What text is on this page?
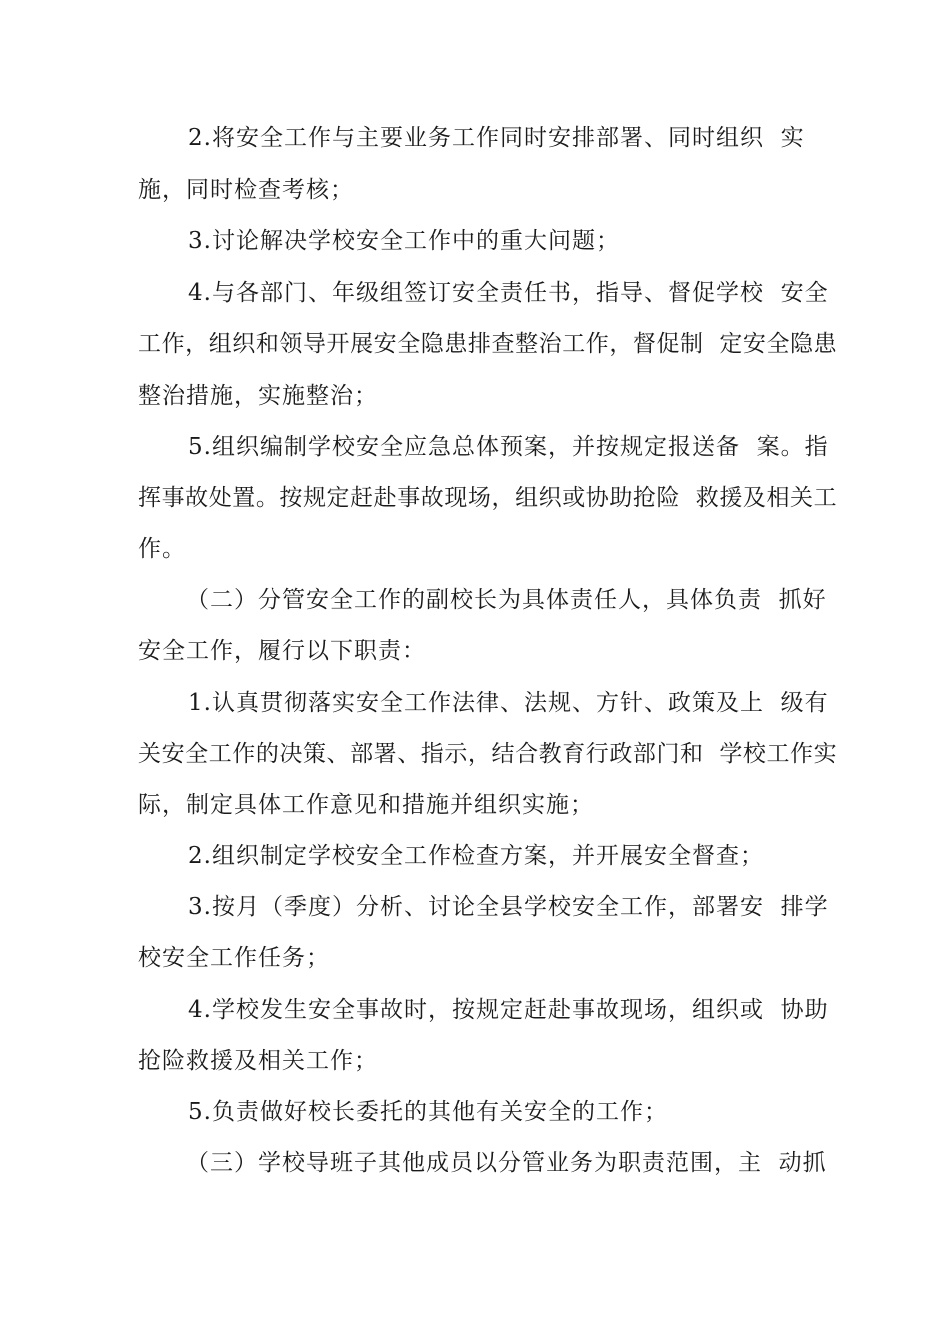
2.将安全工作与主要业务工作同时安排部署、同时组织  实
施，同时检查考核；
3.讨论解决学校安全工作中的重大问题；
4.与各部门、年级组签订安全责任书，指导、督促学校  安全
工作，组织和领导开展安全隐患排查整治工作，督促制  定安全隐患
整治措施，实施整治；
5.组织编制学校安全应急总体预案，并按规定报送备  案。指
挥事故处置。按规定赶赴事故现场，组织或协助抢险  救援及相关工
作。
（二）分管安全工作的副校长为具体责任人，具体负责  抓好
安全工作，履行以下职责：
1.认真贯彻落实安全工作法律、法规、方针、政策及上  级有
关安全工作的决策、部署、指示，结合教育行政部门和  学校工作实
际，制定具体工作意见和措施并组织实施；
2.组织制定学校安全工作检查方案，并开展安全督查；
3.按月（季度）分析、讨论全县学校安全工作，部署安  排学
校安全工作任务；
4.学校发生安全事故时，按规定赶赴事故现场，组织或  协助
抢险救援及相关工作；
5.负责做好校长委托的其他有关安全的工作；
（三）学校导班子其他成员以分管业务为职责范围，主  动抓
